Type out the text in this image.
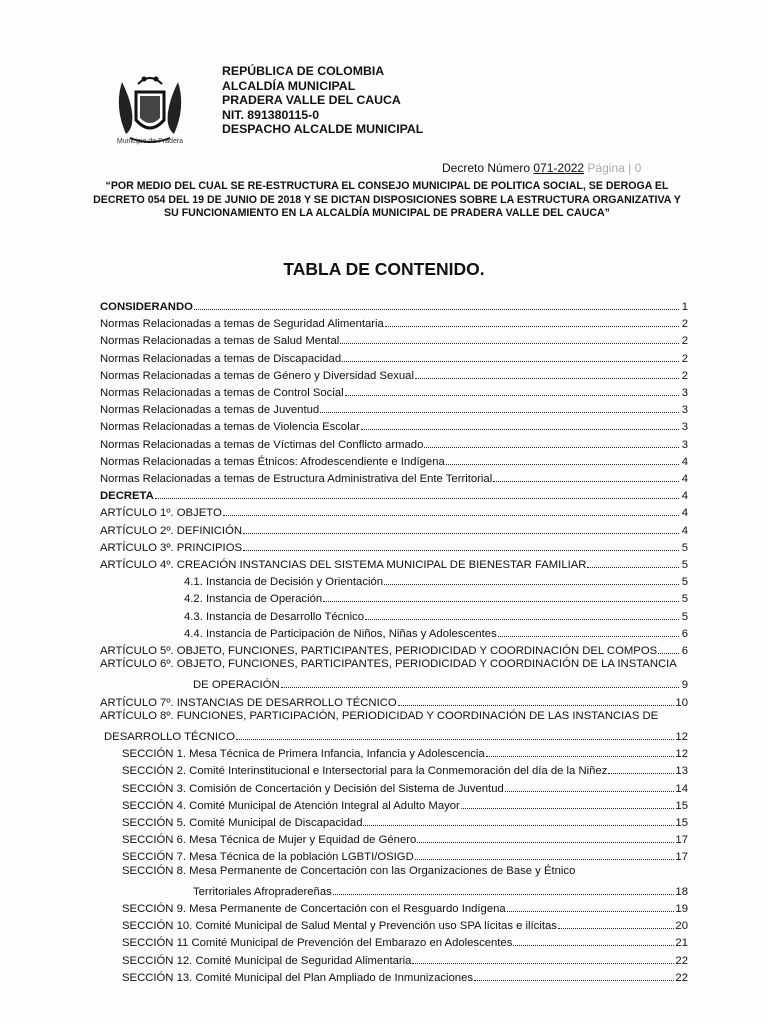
Municipio de Pradera
REPÚBLICA DE COLOMBIA
ALCALDÍA MUNICIPAL
PRADERA VALLE DEL CAUCA
NIT. 891380115-0
DESPACHO ALCALDE MUNICIPAL
Decreto Número 071-2022 Página | 0
“POR MEDIO DEL CUAL SE RE-ESTRUCTURA EL CONSEJO MUNICIPAL DE POLITICA SOCIAL, SE DEROGA EL DECRETO 054 DEL 19 DE JUNIO DE 2018 Y SE DICTAN DISPOSICIONES SOBRE LA ESTRUCTURA ORGANIZATIVA Y SU FUNCIONAMIENTO EN LA ALCALDÍA MUNICIPAL DE PRADERA VALLE DEL CAUCA”
TABLA DE CONTENIDO.
CONSIDERANDO	1
Normas Relacionadas a temas de Seguridad Alimentaria	2
Normas Relacionadas a temas de Salud Mental	2
Normas Relacionadas a temas de Discapacidad	2
Normas Relacionadas a temas de Género y Diversidad Sexual	2
Normas Relacionadas a temas de Control Social	3
Normas Relacionadas a temas de Juventud	3
Normas Relacionadas a temas de Violencia Escolar	3
Normas Relacionadas a temas de Víctimas del Conflicto armado	3
Normas Relacionadas a temas Étnicos: Afrodescendiente e Indígena	4
Normas Relacionadas a temas de Estructura Administrativa del Ente Territorial	4
DECRETA	4
ARTÍCULO 1º. OBJETO	4
ARTÍCULO 2º. DEFINICIÓN	4
ARTÍCULO 3º. PRINCIPIOS	5
ARTÍCULO 4º. CREACIÓN INSTANCIAS DEL SISTEMA MUNICIPAL DE BIENESTAR FAMILIAR	5
4.1. Instancia de Decisión y Orientación	5
4.2. Instancia de Operación	5
4.3. Instancia de Desarrollo Técnico	5
4.4. Instancia de Participación de Niños, Niñas y Adolescentes	6
ARTÍCULO 5º. OBJETO, FUNCIONES, PARTICIPANTES, PERIODICIDAD Y COORDINACIÓN DEL COMPOS 6
ARTÍCULO 6º. OBJETO, FUNCIONES, PARTICIPANTES, PERIODICIDAD Y COORDINACIÓN DE LA INSTANCIA
DE OPERACIÓN	9
ARTÍCULO 7º. INSTANCIAS DE DESARROLLO TÉCNICO	10
ARTÍCULO 8º. FUNCIONES, PARTICIPACIÓN, PERIODICIDAD Y COORDINACIÓN DE LAS INSTANCIAS DE
DESARROLLO TÉCNICO	12
SECCIÓN 1. Mesa Técnica de Primera Infancia, Infancia y Adolescencia	12
SECCIÓN 2. Comité Interinstitucional e Intersectorial para la Conmemoración del día de la Niñez	13
SECCIÓN 3. Comisión de Concertación y Decisión del Sistema de Juventud	14
SECCIÓN 4. Comité Municipal de Atención Integral al Adulto Mayor	15
SECCIÓN 5. Comité Municipal de Discapacidad	15
SECCIÓN 6. Mesa Técnica de Mujer y Equidad de Género	17
SECCIÓN 7. Mesa Técnica de la población LGBTI/OSIGD	17
SECCIÓN 8. Mesa Permanente de Concertación con las Organizaciones de Base y Étnico
Territoriales Afropradereñas	18
SECCIÓN 9. Mesa Permanente de Concertación con el Resguardo Indígena	19
SECCIÓN 10. Comité Municipal de Salud Mental y Prevención uso SPA lícitas e ilícitas	20
SECCIÓN 11 Comité Municipal de Prevención del Embarazo en Adolescentes	21
SECCIÓN 12. Comité Municipal de Seguridad Alimentaria	22
SECCIÓN 13. Comité Municipal del Plan Ampliado de Inmunizaciones	22
